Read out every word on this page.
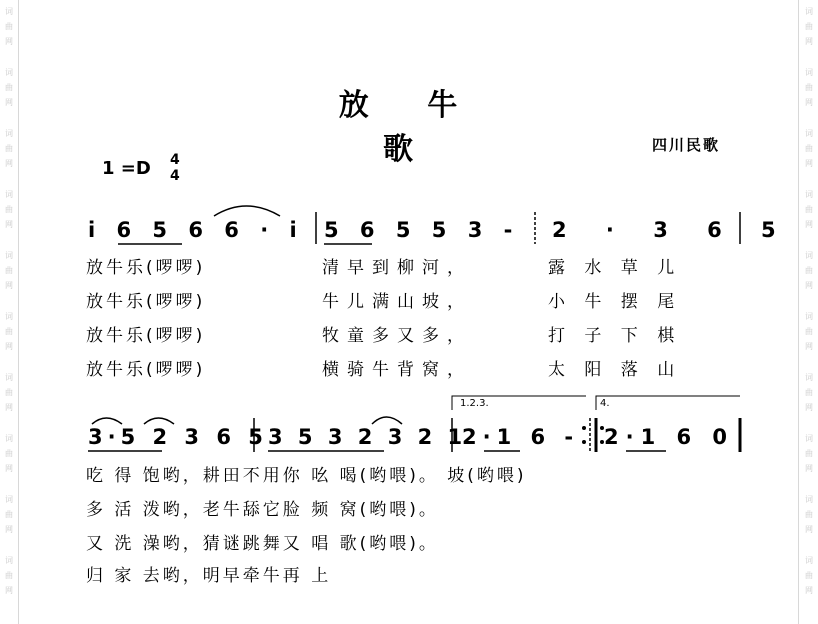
词
曲
网
词
曲
网
词
曲
网
词
曲
网
词
曲
网
词
曲
网
词
曲
网
词
曲
网
词
曲
网
词
曲
网
词
曲
网
词
曲
网
词
曲
网
词
曲
网
词
曲
网
词
曲
网
词
曲
网
词
曲
网
词
曲
网
词
曲
网
放 牛 歌	四川民歌
1 =D 4
4
i 6 5 6 6 · i 5 6 5 5 3 - 2 · 3 6 5
放牛乐(啰啰)	清早到柳河，	露 水 草 儿
放牛乐(啰啰)	牛儿满山坡，	小 牛 摆 尾
放牛乐(啰啰)	牧童多又多，	打 子 下 棋
放牛乐(啰啰)	横骑牛背窝，	太 阳 落 山
1.2.3.	4.
3·5 2 3 6 5 3 5 3 2 3 2 1
2·1 6 - 2·1 6 0
吃 得 饱哟，耕田不用你 吆 喝(哟喂)。 坡(哟喂)
多 活 泼哟，老牛舔它脸 频 窝(哟喂)。
又 洗 澡哟，猜谜跳舞又 唱 歌(哟喂)。
归 家 去哟，明早牵牛再 上
